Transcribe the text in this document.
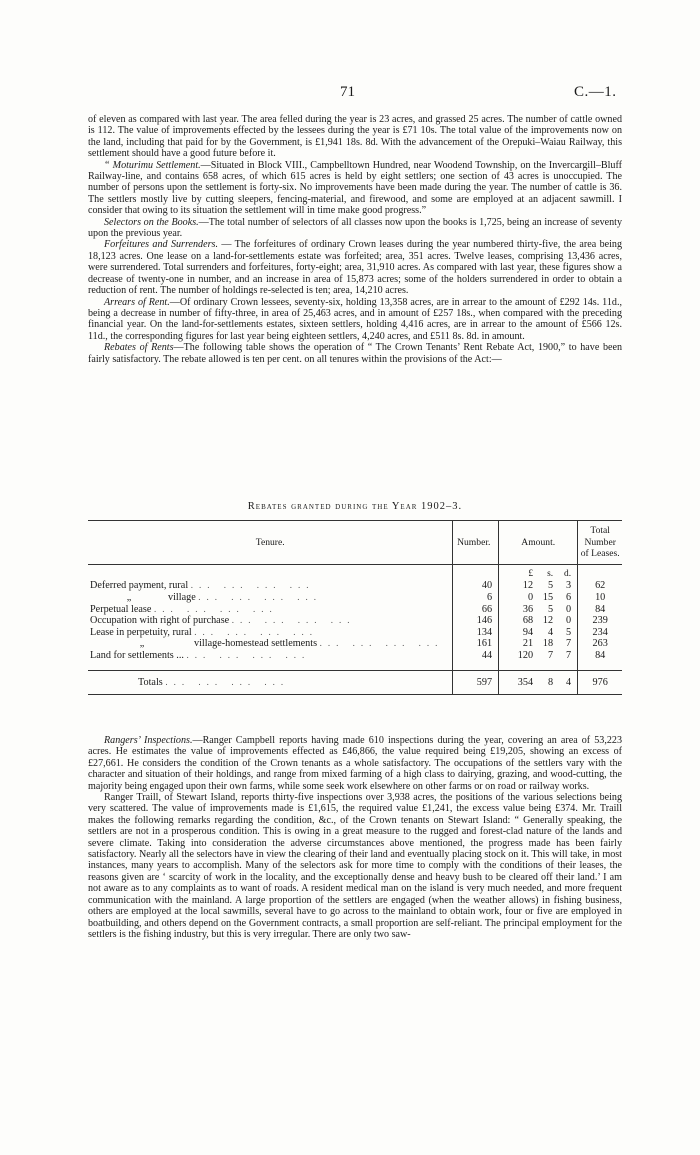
71	C.—1.

of eleven as compared with last year. The area felled during the year is 23 acres, and grassed 25 acres. The number of cattle owned is 112. The value of improvements effected by the lessees during the year is £71 10s. The total value of the improvements now on the land, including that paid for by the Government, is £1,941 18s. 8d. With the advancement of the Orepuki–Waiau Railway, this settlement should have a good future before it.

“ Moturimu Settlement.—Situated in Block VIII., Campbelltown Hundred, near Woodend Township, on the Invercargill–Bluff Railway-line, and contains 658 acres, of which 615 acres is held by eight settlers; one section of 43 acres is unoccupied. The number of persons upon the settlement is forty-six. No improvements have been made during the year. The number of cattle is 36. The settlers mostly live by cutting sleepers, fencing-material, and firewood, and some are employed at an adjacent sawmill. I consider that owing to its situation the settlement will in time make good progress.”

Selectors on the Books.—The total number of selectors of all classes now upon the books is 1,725, being an increase of seventy upon the previous year.

Forfeitures and Surrenders. — The forfeitures of ordinary Crown leases during the year numbered thirty-five, the area being 18,123 acres. One lease on a land-for-settlements estate was forfeited; area, 351 acres. Twelve leases, comprising 13,436 acres, were surrendered. Total surrenders and forfeitures, forty-eight; area, 31,910 acres. As compared with last year, these figures show a decrease of twenty-one in number, and an increase in area of 15,873 acres; some of the holders surrendered in order to obtain a reduction of rent. The number of holdings re-selected is ten; area, 14,210 acres.

Arrears of Rent.—Of ordinary Crown lessees, seventy-six, holding 13,358 acres, are in arrear to the amount of £292 14s. 11d., being a decrease in number of fifty-three, in area of 25,463 acres, and in amount of £257 18s., when compared with the preceding financial year. On the land-for-settlements estates, sixteen settlers, holding 4,416 acres, are in arrear to the amount of £566 12s. 11d., the corresponding figures for last year being eighteen settlers, 4,240 acres, and £511 8s. 8d. in amount.

Rebates of Rents—The following table shows the operation of “ The Crown Tenants’ Rent Rebate Act, 1900,” to have been fairly satisfactory. The rebate allowed is ten per cent. on all tenures within the provisions of the Act:—

Rebates granted during the Year 1902–3.
Tenure.	Number.	Amount.	Total Number of Leases.
		£ s. d.	
Deferred payment, rural ... ... ... ...	40	12 5 3	62
„ village ... ... ... ...	6	0 15 6	10
Perpetual lease ... ... ... ...	66	36 5 0	84
Occupation with right of purchase ... ... ... ...	146	68 12 0	239
Lease in perpetuity, rural ... ... ... ...	134	94 4 5	234
„ village-homestead settlements ... ... ... ...	161	21 18 7	263
Land for settlements ... ... ... ... ...	44	120 7 7	84

Totals ... ... ... ...	597	354 8 4	976

Rangers’ Inspections.—Ranger Campbell reports having made 610 inspections during the year, covering an area of 53,223 acres. He estimates the value of improvements effected as £46,866, the value required being £19,205, showing an excess of £27,661. He considers the condition of the Crown tenants as a whole satisfactory. The occupations of the settlers vary with the character and situation of their holdings, and range from mixed farming of a high class to dairying, grazing, and wood-cutting, the majority being engaged upon their own farms, while some seek work elsewhere on other farms or on road or railway works.

Ranger Traill, of Stewart Island, reports thirty-five inspections over 3,938 acres, the positions of the various selections being very scattered. The value of improvements made is £1,615, the required value £1,241, the excess value being £374. Mr. Traill makes the following remarks regarding the condition, &c., of the Crown tenants on Stewart Island: “ Generally speaking, the settlers are not in a prosperous condition. This is owing in a great measure to the rugged and forest-clad nature of the lands and severe climate. Taking into consideration the adverse circumstances above mentioned, the progress made has been fairly satisfactory. Nearly all the selectors have in view the clearing of their land and eventually placing stock on it. This will take, in most instances, many years to accomplish. Many of the selectors ask for more time to comply with the conditions of their leases, the reasons given are ‘ scarcity of work in the locality, and the exceptionally dense and heavy bush to be cleared off their land.’ I am not aware as to any complaints as to want of roads. A resident medical man on the island is very much needed, and more frequent communication with the mainland. A large proportion of the settlers are engaged (when the weather allows) in fishing business, others are employed at the local sawmills, several have to go across to the mainland to obtain work, four or five are employed in boatbuilding, and others depend on the Government contracts, a small proportion are self-reliant. The principal employment for the settlers is the fishing industry, but this is very irregular. There are only two saw-
